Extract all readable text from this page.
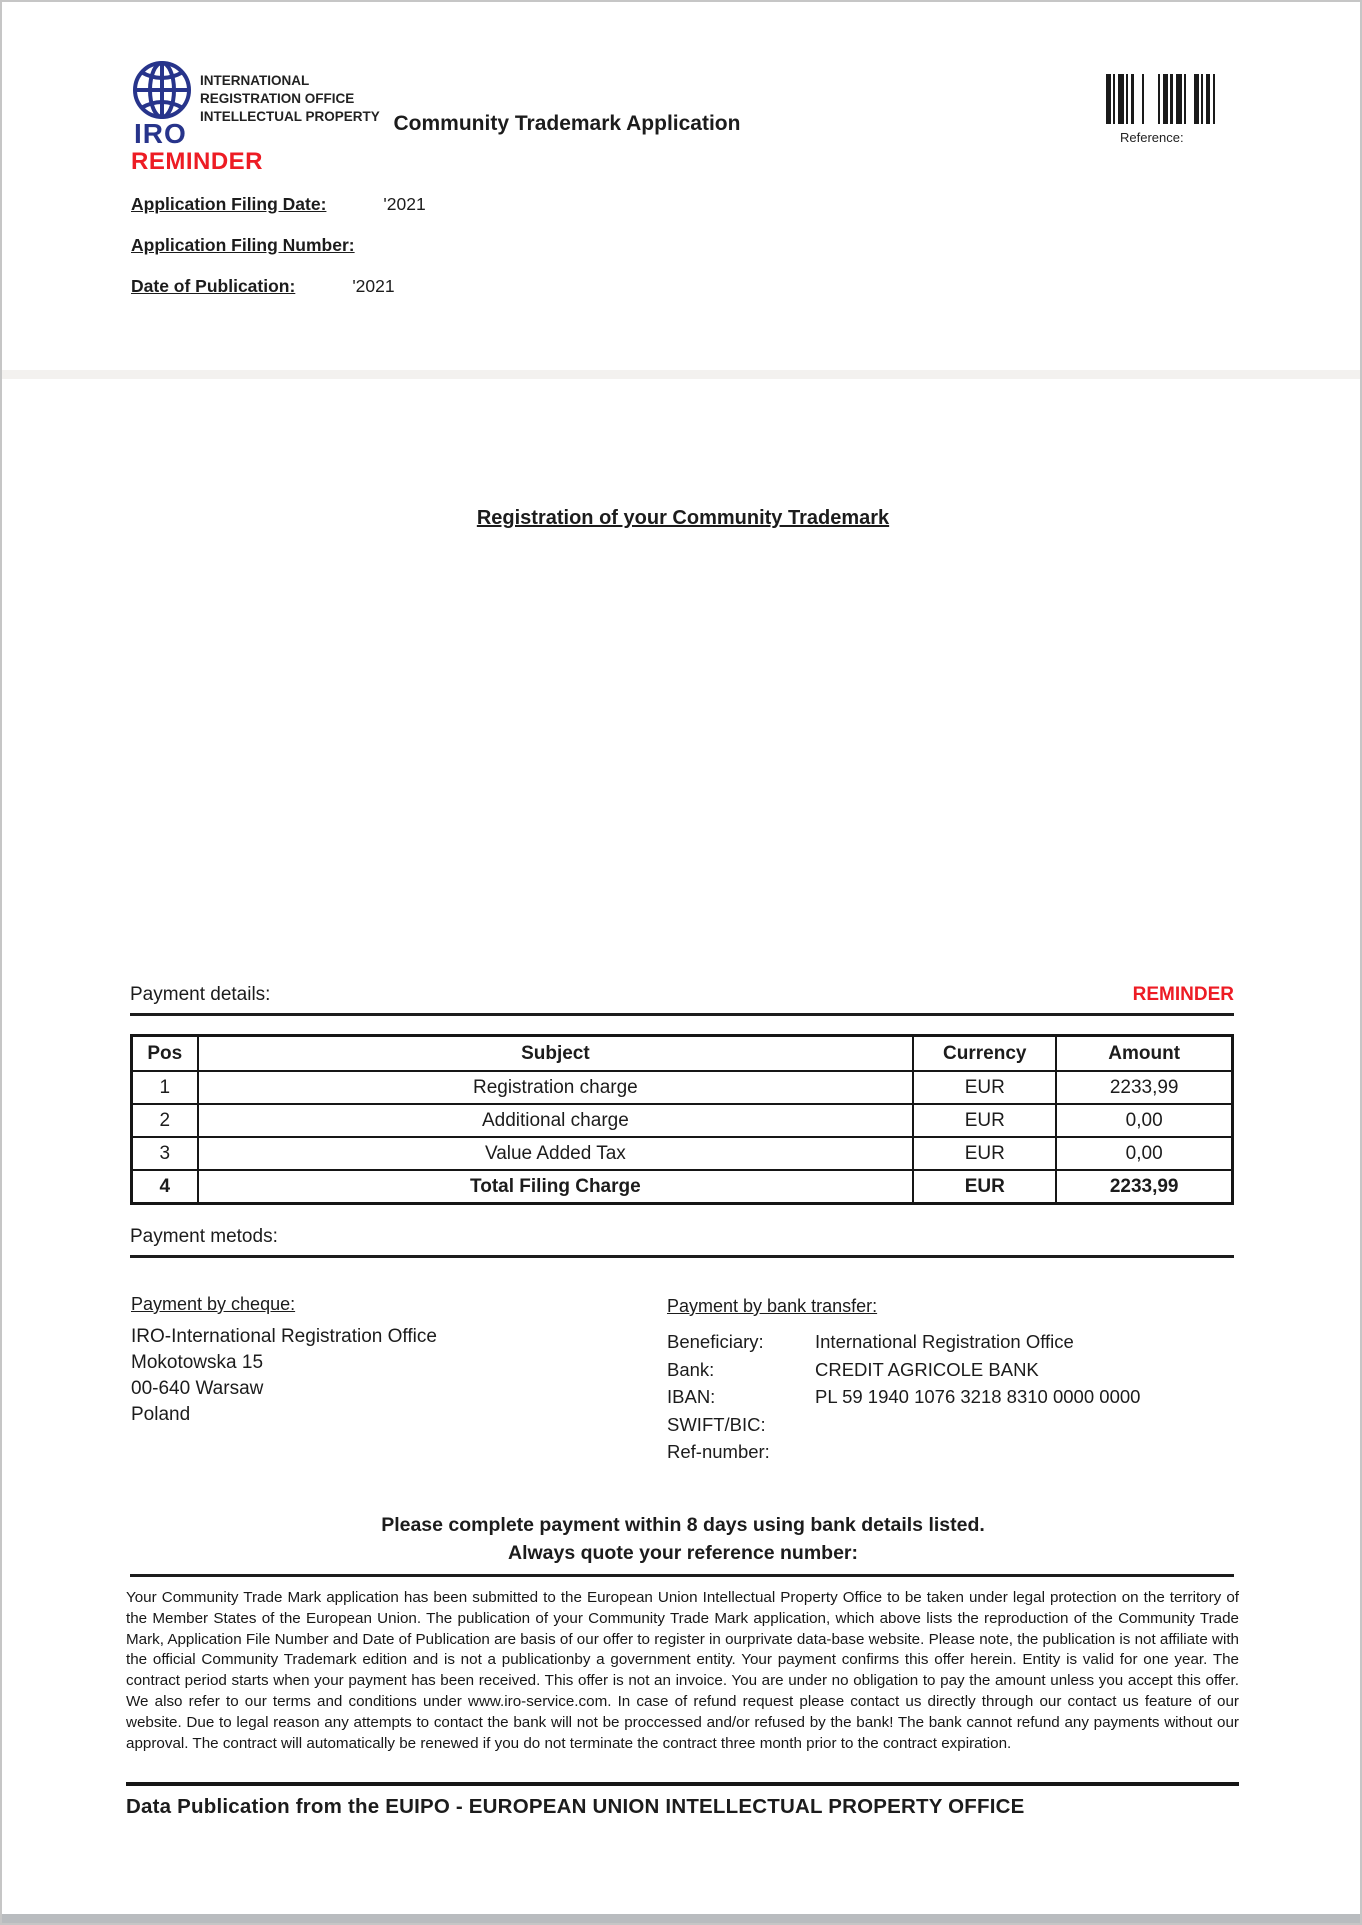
IRO
INTERNATIONAL
REGISTRATION OFFICE
INTELLECTUAL PROPERTY Community Trademark Application
Reference:
REMINDER
Application Filing Date:	'2021
Application Filing Number:
Date of Publication:	'2021
Registration of your Community Trademark
Payment details:	REMINDER
Pos	Subject	Currency	Amount
1	Registration charge	EUR	2233,99
2	Additional charge	EUR	0,00
3	Value Added Tax	EUR	0,00
4	Total Filing Charge	EUR	2233,99
Payment metods:
Payment by cheque:
IRO-International Registration Office
Mokotowska 15
00-640 Warsaw
Poland
Payment by bank transfer:
Beneficiary:	International Registration Office
Bank:	CREDIT AGRICOLE BANK
IBAN:	PL 59 1940 1076 3218 8310 0000 0000
SWIFT/BIC:
Ref-number:
Please complete payment within 8 days using bank details listed.
Always quote your reference number:
Your Community Trade Mark application has been submitted to the European Union Intellectual Property Office to be taken under legal protection on the territory of the Member States of the European Union. The publication of your Community Trade Mark application, which above lists the reproduction of the Community Trade Mark, Application File Number and Date of Publication are basis of our offer to register in ourprivate data-base website. Please note, the publication is not affiliate with the official Community Trademark edition and is not a publicationby a government entity. Your payment confirms this offer herein. Entity is valid for one year. The contract period starts when your payment has been received. This offer is not an invoice. You are under no obligation to pay the amount unless you accept this offer. We also refer to our terms and conditions under www.iro-service.com. In case of refund request please contact us directly through our contact us feature of our website. Due to legal reason any attempts to contact the bank will not be proccessed and/or refused by the bank! The bank cannot refund any payments without our approval. The contract will automatically be renewed if you do not terminate the contract three month prior to the contract expiration.
Data Publication from the EUIPO - EUROPEAN UNION INTELLECTUAL PROPERTY OFFICE
